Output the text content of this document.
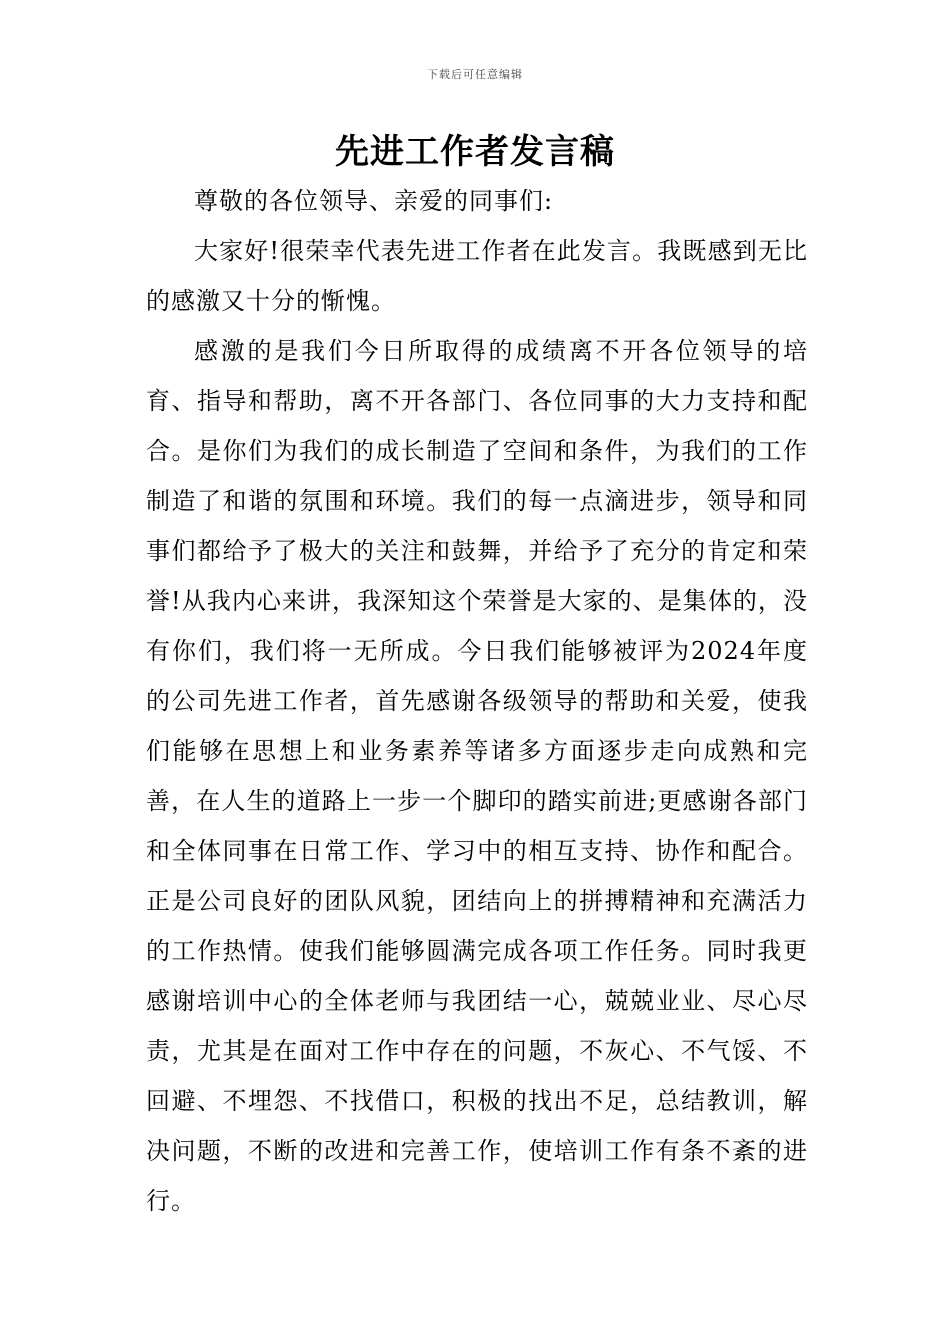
下载后可任意编辑
先进工作者发言稿

尊敬的各位领导、亲爱的同事们:

大家好!很荣幸代表先进工作者在此发言。我既感到无比的感激又十分的惭愧。

感激的是我们今日所取得的成绩离不开各位领导的培育、指导和帮助，离不开各部门、各位同事的大力支持和配合。是你们为我们的成长制造了空间和条件，为我们的工作制造了和谐的氛围和环境。我们的每一点滴进步，领导和同事们都给予了极大的关注和鼓舞，并给予了充分的肯定和荣誉!从我内心来讲，我深知这个荣誉是大家的、是集体的，没有你们，我们将一无所成。今日我们能够被评为2024年度的公司先进工作者，首先感谢各级领导的帮助和关爱，使我们能够在思想上和业务素养等诸多方面逐步走向成熟和完善，在人生的道路上一步一个脚印的踏实前进;更感谢各部门和全体同事在日常工作、学习中的相互支持、协作和配合。正是公司良好的团队风貌，团结向上的拼搏精神和充满活力的工作热情。使我们能够圆满完成各项工作任务。同时我更感谢培训中心的全体老师与我团结一心，兢兢业业、尽心尽责，尤其是在面对工作中存在的问题，不灰心、不气馁、不回避、不埋怨、不找借口，积极的找出不足，总结教训，解决问题，不断的改进和完善工作，使培训工作有条不紊的进行。
